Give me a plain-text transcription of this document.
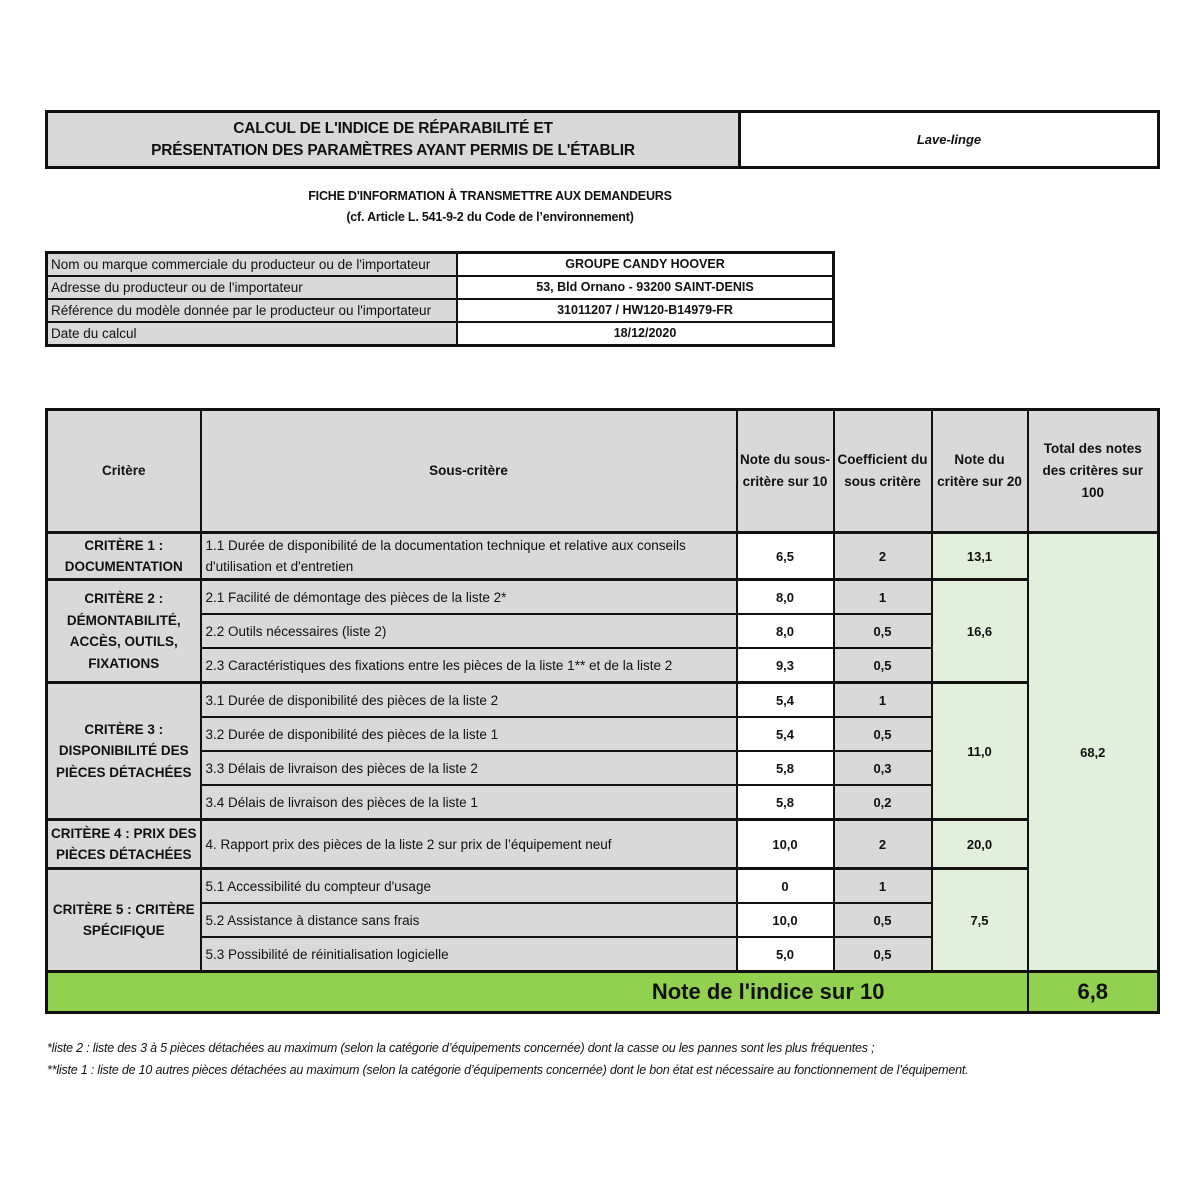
CALCUL DE L'INDICE DE RÉPARABILITÉ ET
PRÉSENTATION DES PARAMÈTRES AYANT PERMIS DE L'ÉTABLIR
Lave-linge
FICHE D'INFORMATION À TRANSMETTRE AUX DEMANDEURS
(cf. Article L. 541-9-2 du Code de l’environnement)
Nom ou marque commerciale du producteur ou de l'importateur	GROUPE CANDY HOOVER
Adresse du producteur ou de l'importateur	53, Bld Ornano - 93200 SAINT-DENIS
Référence du modèle donnée par le producteur ou l'importateur	31011207 / HW120-B14979-FR
Date du calcul	18/12/2020
Critère	Sous-critère	Note du sous-critère sur 10	Coefficient du sous critère	Note du critère sur 20	Total des notes des critères sur 100
CRITÈRE 1 : DOCUMENTATION	1.1 Durée de disponibilité de la documentation technique et relative aux conseils d'utilisation et d'entretien	6,5	2	13,1	68,2
CRITÈRE 2 : DÉMONTABILITÉ, ACCÈS, OUTILS, FIXATIONS	2.1 Facilité de démontage des pièces de la liste 2*	8,0	1	16,6	
	2.2 Outils nécessaires (liste 2)	8,0	0,5		
	2.3 Caractéristiques des fixations entre les pièces de la liste 1** et de la liste 2	9,3	0,5		
CRITÈRE 3 : DISPONIBILITÉ DES PIÈCES DÉTACHÉES	3.1 Durée de disponibilité des pièces de la liste 2	5,4	1	11,0	
	3.2 Durée de disponibilité des pièces de la liste 1	5,4	0,5		
	3.3 Délais de livraison des pièces de la liste 2	5,8	0,3		
	3.4 Délais de livraison des pièces de la liste 1	5,8	0,2		
CRITÈRE 4 : PRIX DES PIÈCES DÉTACHÉES	4. Rapport prix des pièces de la liste 2 sur prix de l’équipement neuf	10,0	2	20,0	
CRITÈRE 5 : CRITÈRE SPÉCIFIQUE	5.1 Accessibilité du compteur d'usage	0	1	7,5	
	5.2 Assistance à distance sans frais	10,0	0,5		
	5.3 Possibilité de réinitialisation logicielle	5,0	0,5		
Note de l'indice sur 10					6,8
*liste 2 : liste des 3 à 5 pièces détachées au maximum (selon la catégorie d’équipements concernée) dont la casse ou les pannes sont les plus fréquentes ;
**liste 1 : liste de 10 autres pièces détachées au maximum (selon la catégorie d’équipements concernée) dont le bon état est nécessaire au fonctionnement de l’équipement.
